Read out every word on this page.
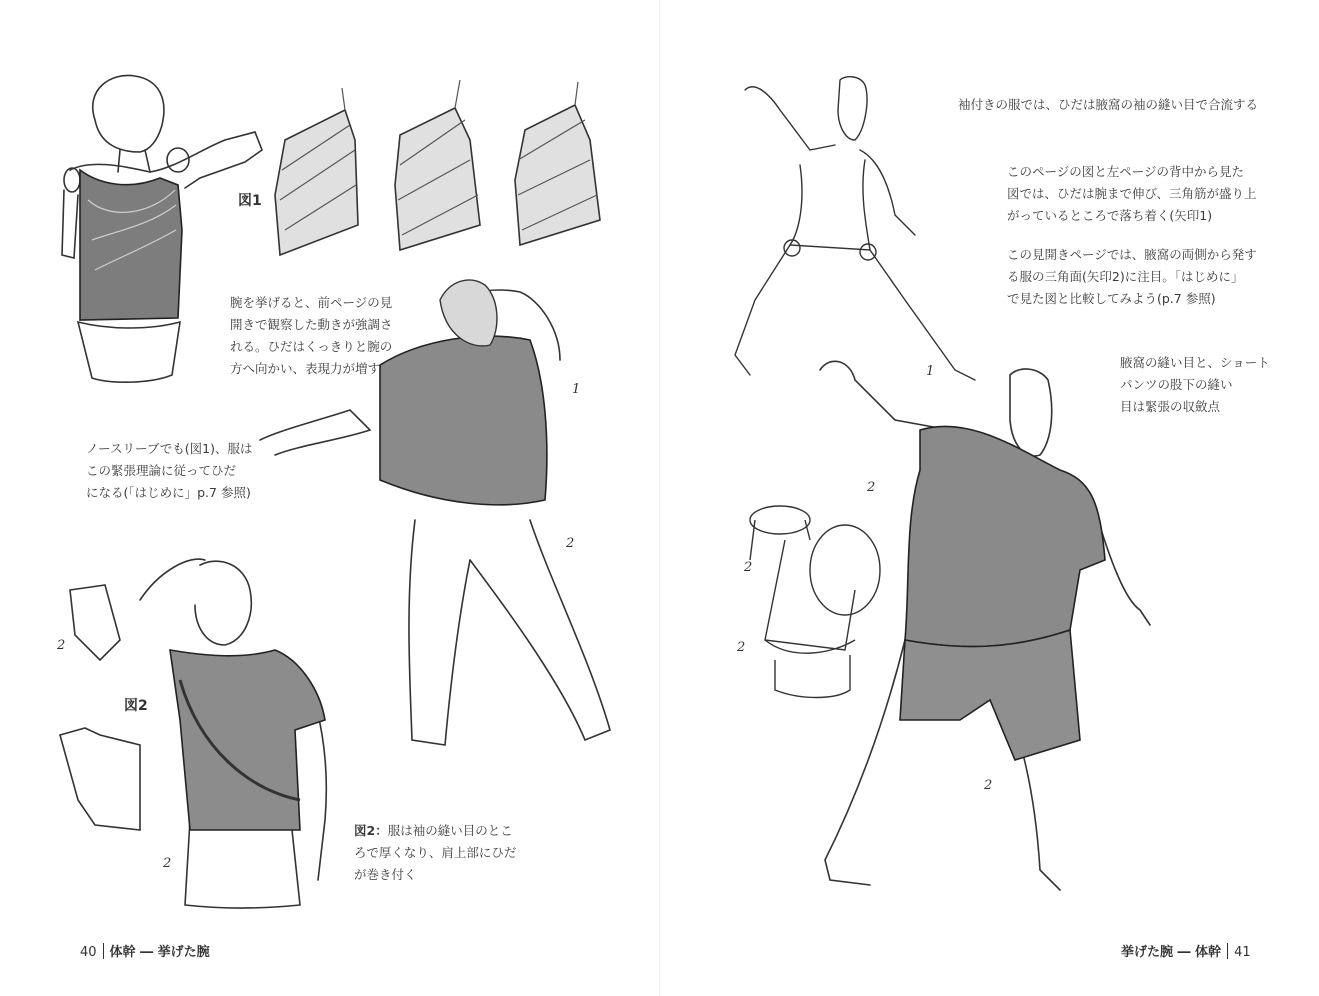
図1
図2
腕を挙げると、前ページの見
開きで観察した動きが強調さ
れる。ひだはくっきりと腕の
方へ向かい、表現力が増す
ノースリーブでも(図1)、服は
この緊張理論に従ってひだ
になる(「はじめに」p.7 参照)
図2：服は袖の縫い目のとこ
ろで厚くなり、肩上部にひだ
が巻き付く
1
2
2
2
40 体幹 ― 挙げた腕
袖付きの服では、ひだは腋窩の袖の縫い目で合流する
このページの図と左ページの背中から見た
図では、ひだは腕まで伸び、三角筋が盛り上
がっているところで落ち着く(矢印1)
この見開きページでは、腋窩の両側から発す
る服の三角面(矢印2)に注目。「はじめに」
で見た図と比較してみよう(p.7 参照)
腋窩の縫い目と、ショート
パンツの股下の縫い
目は緊張の収斂点
1
2
2
2
2
挙げた腕 ― 体幹 41
